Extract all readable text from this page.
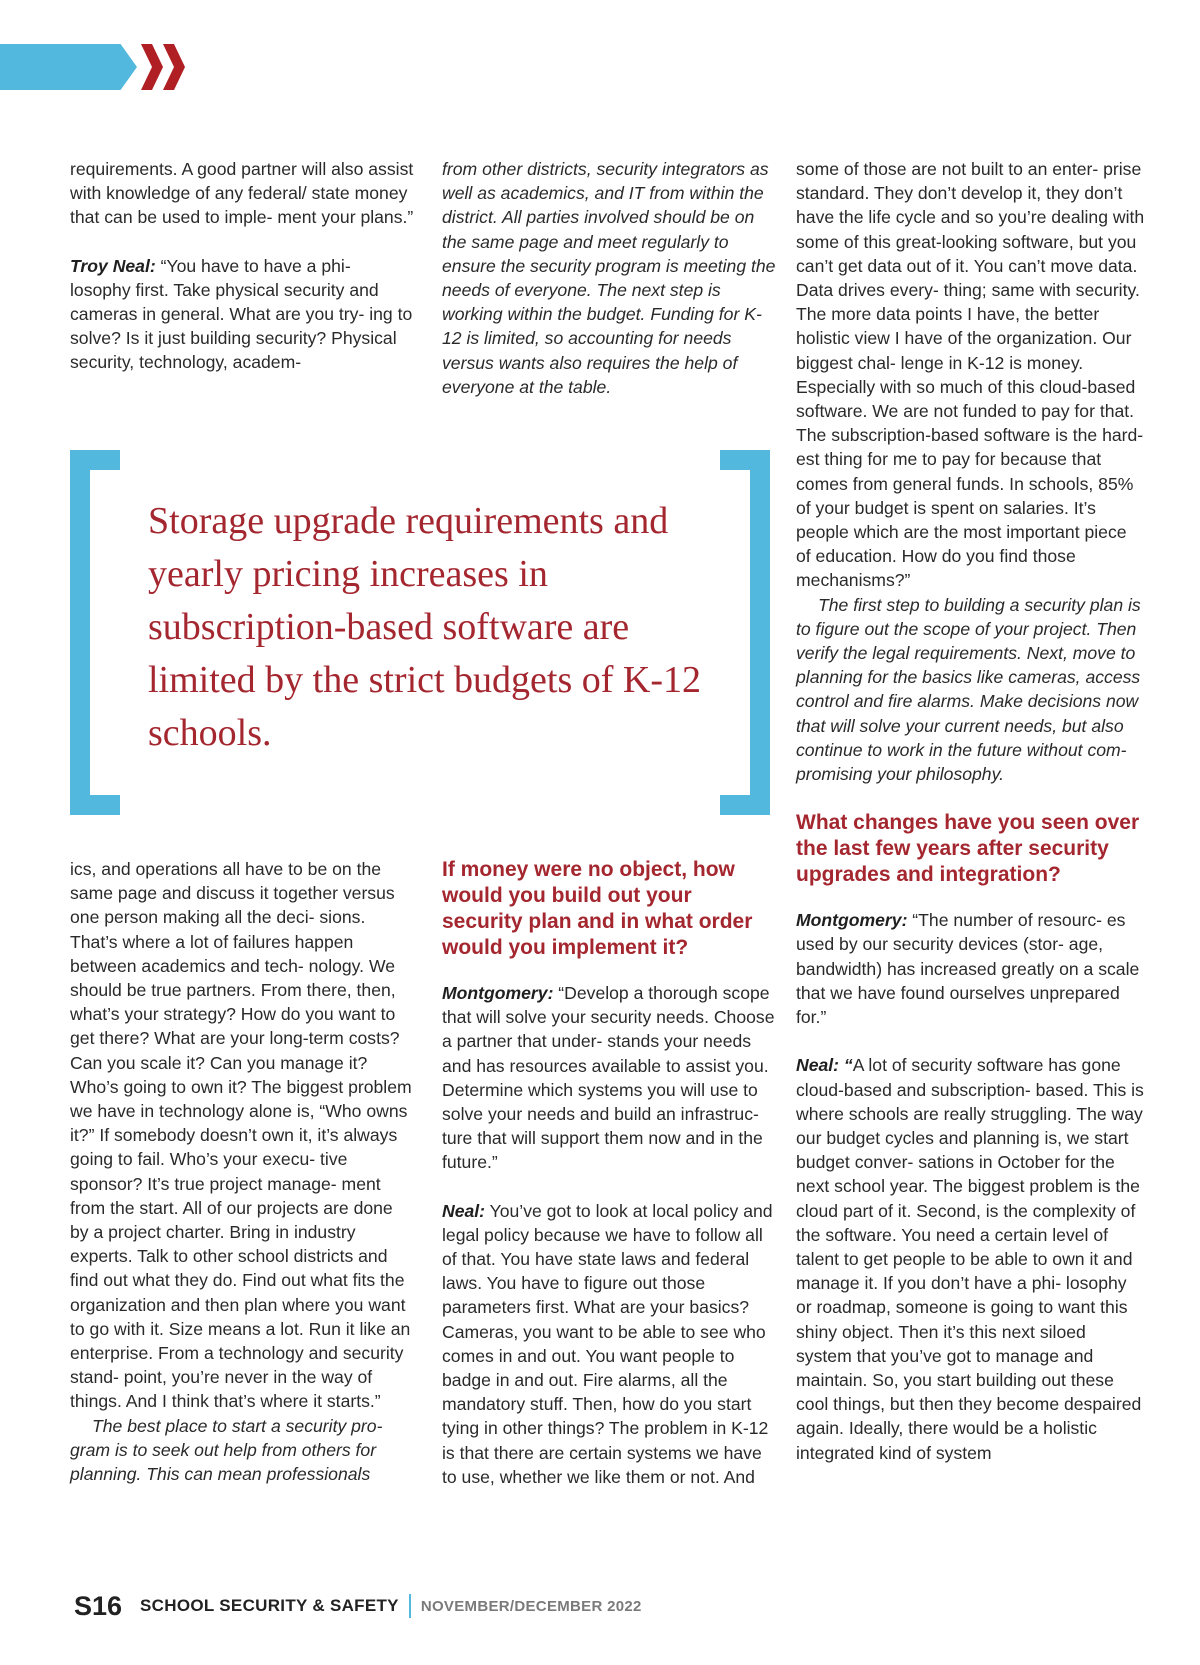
requirements. A good partner will also assist with knowledge of any federal/ state money that can be used to imple- ment your plans.”

Troy Neal: “You have to have a phi- losophy first. Take physical security and cameras in general. What are you try- ing to solve? Is it just building security? Physical security, technology, academ-

from other districts, security integrators as well as academics, and IT from within the district. All parties involved should be on the same page and meet regularly to ensure the security program is meeting the needs of everyone. The next step is working within the budget. Funding for K-12 is limited, so accounting for needs versus wants also requires the help of everyone at the table.

Storage upgrade requirements and yearly pricing increases in subscription-based software are limited by the strict budgets of K-12 schools.

ics, and operations all have to be on the same page and discuss it together versus one person making all the deci- sions. That’s where a lot of failures happen between academics and tech- nology. We should be true partners. From there, then, what’s your strategy? How do you want to get there? What are your long-term costs? Can you scale it? Can you manage it? Who’s going to own it? The biggest problem we have in technology alone is, “Who owns it?” If somebody doesn’t own it, it’s always going to fail. Who’s your execu- tive sponsor? It’s true project manage- ment from the start. All of our projects are done by a project charter. Bring in industry experts. Talk to other school districts and find out what they do. Find out what fits the organization and then plan where you want to go with it. Size means a lot. Run it like an enterprise. From a technology and security stand- point, you’re never in the way of things. And I think that’s where it starts.”

The best place to start a security pro- gram is to seek out help from others for planning. This can mean professionals

If money were no object, how would you build out your security plan and in what order would you implement it?

Montgomery: “Develop a thorough scope that will solve your security needs. Choose a partner that under- stands your needs and has resources available to assist you. Determine which systems you will use to solve your needs and build an infrastruc- ture that will support them now and in the future.”

Neal: You’ve got to look at local policy and legal policy because we have to follow all of that. You have state laws and federal laws. You have to figure out those parameters first. What are your basics? Cameras, you want to be able to see who comes in and out. You want people to badge in and out. Fire alarms, all the mandatory stuff. Then, how do you start tying in other things? The problem in K-12 is that there are certain systems we have to use, whether we like them or not. And

some of those are not built to an enter- prise standard. They don’t develop it, they don’t have the life cycle and so you’re dealing with some of this great-looking software, but you can’t get data out of it. You can’t move data. Data drives every- thing; same with security. The more data points I have, the better holistic view I have of the organization. Our biggest chal- lenge in K-12 is money. Especially with so much of this cloud-based software. We are not funded to pay for that. The subscription-based software is the hard- est thing for me to pay for because that comes from general funds. In schools, 85% of your budget is spent on salaries. It’s people which are the most important piece of education. How do you find those mechanisms?”

The first step to building a security plan is to figure out the scope of your project. Then verify the legal requirements. Next, move to planning for the basics like cameras, access control and fire alarms. Make decisions now that will solve your current needs, but also continue to work in the future without com- promising your philosophy.

What changes have you seen over the last few years after security upgrades and integration?

Montgomery: “The number of resourc- es used by our security devices (stor- age, bandwidth) has increased greatly on a scale that we have found ourselves unprepared for.”

Neal: “A lot of security software has gone cloud-based and subscription- based. This is where schools are really struggling. The way our budget cycles and planning is, we start budget conver- sations in October for the next school year. The biggest problem is the cloud part of it. Second, is the complexity of the software. You need a certain level of talent to get people to be able to own it and manage it. If you don’t have a phi- losophy or roadmap, someone is going to want this shiny object. Then it’s this next siloed system that you’ve got to manage and maintain. So, you start building out these cool things, but then they become despaired again. Ideally, there would be a holistic integrated kind of system

S16 SCHOOL SECURITY & SAFETY NOVEMBER/DECEMBER 2022
